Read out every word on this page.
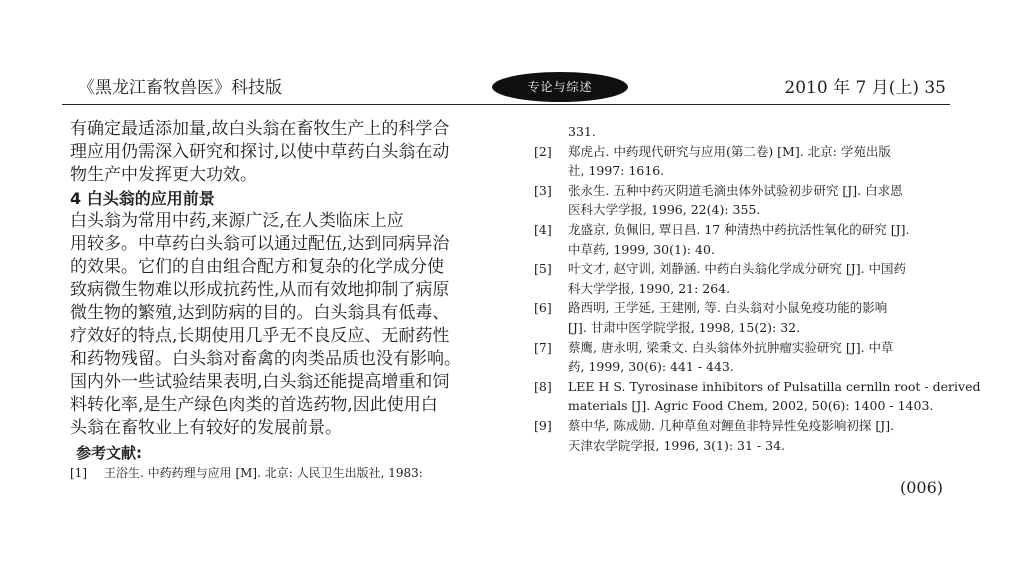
《黑龙江畜牧兽医》科技版	专论与综述	2010 年 7 月(上) 35

有确定最适添加量,故白头翁在畜牧生产上的科学合
理应用仍需深入研究和探讨,以使中草药白头翁在动
物生产中发挥更大功效。

4 白头翁的应用前景

白头翁为常用中药,来源广泛,在人类临床上应
用较多。中草药白头翁可以通过配伍,达到同病异治
的效果。它们的自由组合配方和复杂的化学成分使
致病微生物难以形成抗药性,从而有效地抑制了病原
微生物的繁殖,达到防病的目的。白头翁具有低毒、
疗效好的特点,长期使用几乎无不良反应、无耐药性
和药物残留。白头翁对畜禽的肉类品质也没有影响。
国内外一些试验结果表明,白头翁还能提高增重和饲
料转化率,是生产绿色肉类的首选药物,因此使用白
头翁在畜牧业上有较好的发展前景。

参考文献:

[1] 王浴生. 中药药理与应用 [M]. 北京: 人民卫生出版社, 1983:
331.
[2] 郑虎占. 中药现代研究与应用(第二卷) [M]. 北京: 学苑出版
社, 1997: 1616.
[3] 张永生. 五种中药灭阴道毛滴虫体外试验初步研究 [J]. 白求恩
医科大学学报, 1996, 22(4): 355.
[4] 龙盛京, 负佩旧, 覃日昌. 17 种清热中药抗活性氧化的研究 [J].
中草药, 1999, 30(1): 40.
[5] 叶文才, 赵守训, 刘静涵. 中药白头翁化学成分研究 [J]. 中国药
科大学学报, 1990, 21: 264.
[6] 路西明, 王学延, 王建刚, 等. 白头翁对小鼠免疫功能的影响
[J]. 甘肃中医学院学报, 1998, 15(2): 32.
[7] 蔡鹰, 唐永明, 梁秉文. 白头翁体外抗肿瘤实验研究 [J]. 中草
药, 1999, 30(6): 441 - 443.
[8] LEE H S. Tyrosinase inhibitors of Pulsatilla cernlln root - derived
materials [J]. Agric Food Chem, 2002, 50(6): 1400 - 1403.
[9] 蔡中华, 陈成勋. 几种草鱼对鲤鱼非特异性免疫影响初探 [J].
天津农学院学报, 1996, 3(1): 31 - 34.
(006)
